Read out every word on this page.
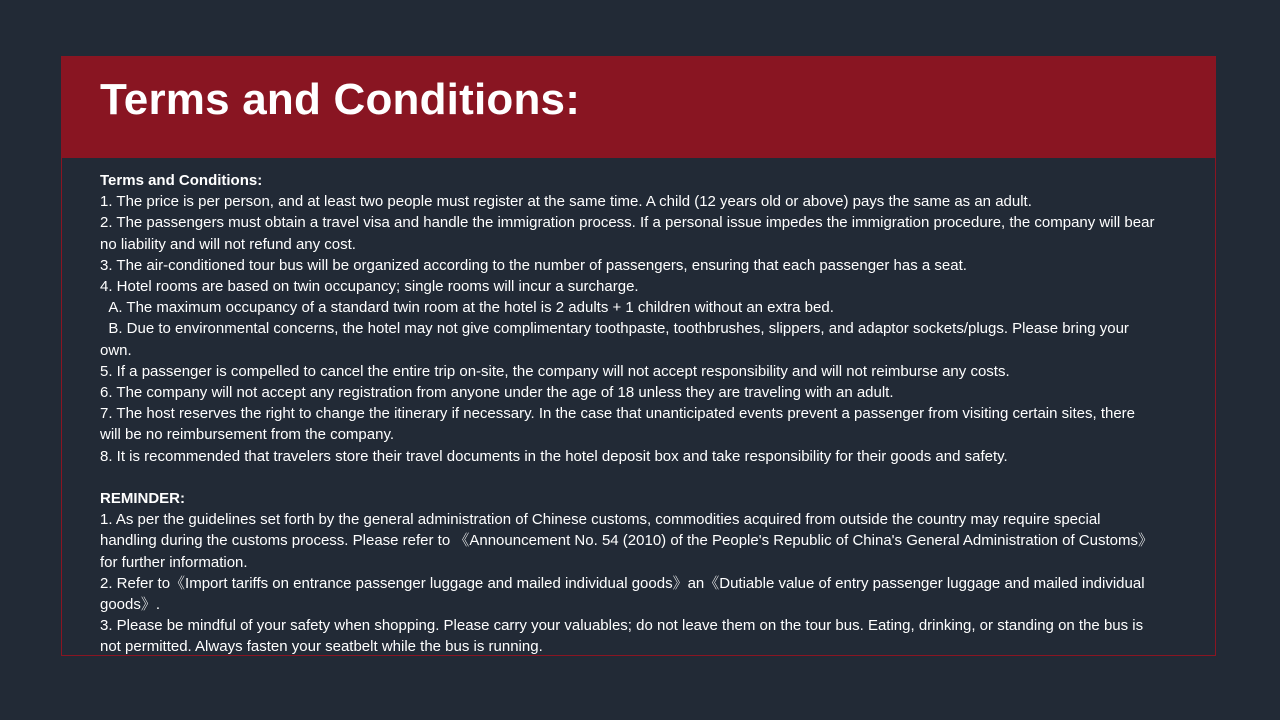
Terms and Conditions:

Terms and Conditions:

1. The price is per person, and at least two people must register at the same time. A child (12 years old or above) pays the same as an adult.

2. The passengers must obtain a travel visa and handle the immigration process. If a personal issue impedes the immigration procedure, the company will bear no liability and will not refund any cost.

3. The air-conditioned tour bus will be organized according to the number of passengers, ensuring that each passenger has a seat.

4. Hotel rooms are based on twin occupancy; single rooms will incur a surcharge.

A. The maximum occupancy of a standard twin room at the hotel is 2 adults + 1 children without an extra bed.

B. Due to environmental concerns, the hotel may not give complimentary toothpaste, toothbrushes, slippers, and adaptor sockets/plugs. Please bring your own.

5. If a passenger is compelled to cancel the entire trip on-site, the company will not accept responsibility and will not reimburse any costs.

6. The company will not accept any registration from anyone under the age of 18 unless they are traveling with an adult.

7. The host reserves the right to change the itinerary if necessary. In the case that unanticipated events prevent a passenger from visiting certain sites, there will be no reimbursement from the company.

8. It is recommended that travelers store their travel documents in the hotel deposit box and take responsibility for their goods and safety.

REMINDER:

1. As per the guidelines set forth by the general administration of Chinese customs, commodities acquired from outside the country may require special handling during the customs process. Please refer to 《Announcement No. 54 (2010) of the People's Republic of China's General Administration of Customs》 for further information.

2. Refer to《Import tariffs on entrance passenger luggage and mailed individual goods》an《Dutiable value of entry passenger luggage and mailed individual goods》.

3. Please be mindful of your safety when shopping. Please carry your valuables; do not leave them on the tour bus. Eating, drinking, or standing on the bus is not permitted. Always fasten your seatbelt while the bus is running.
